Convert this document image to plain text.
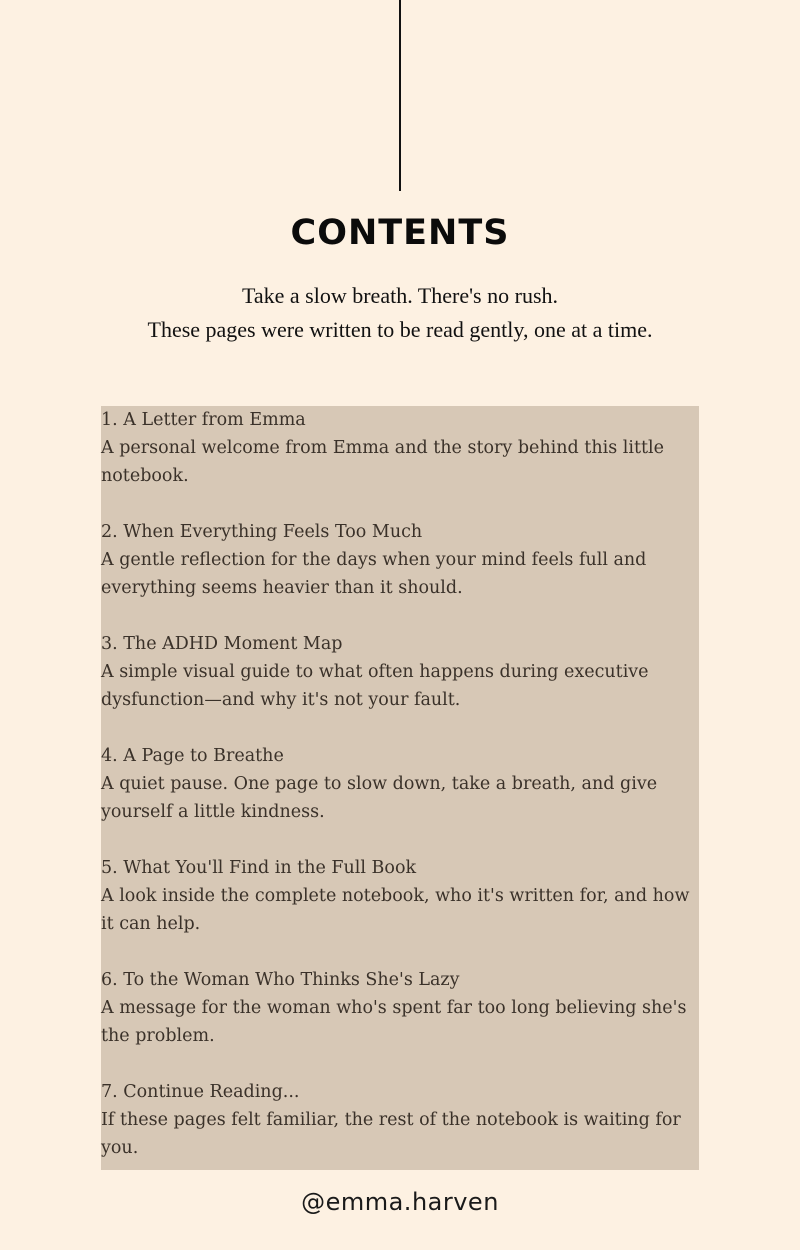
CONTENTS
Take a slow breath. There's no rush.
These pages were written to be read gently, one at a time.
1. A Letter from Emma
A personal welcome from Emma and the story behind this little notebook.
2. When Everything Feels Too Much
A gentle reflection for the days when your mind feels full and everything seems heavier than it should.
3. The ADHD Moment Map
A simple visual guide to what often happens during executive dysfunction—and why it's not your fault.
4. A Page to Breathe
A quiet pause. One page to slow down, take a breath, and give yourself a little kindness.
5. What You'll Find in the Full Book
A look inside the complete notebook, who it's written for, and how it can help.
6. To the Woman Who Thinks She's Lazy
A message for the woman who's spent far too long believing she's the problem.
7. Continue Reading...
If these pages felt familiar, the rest of the notebook is waiting for you.
@emma.harven
